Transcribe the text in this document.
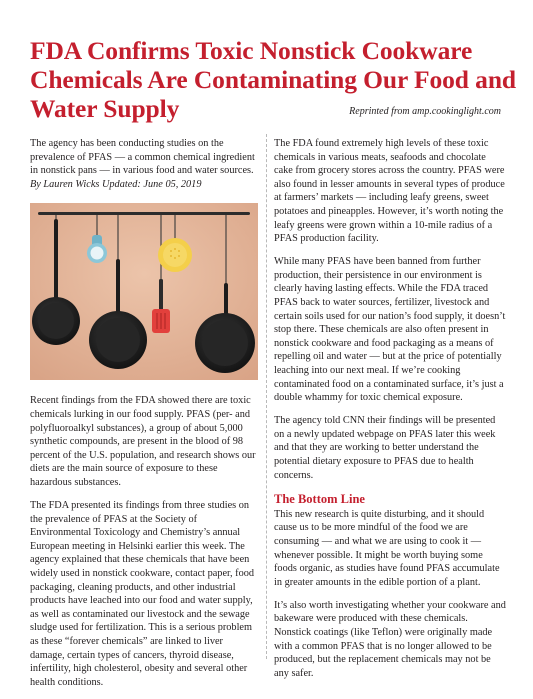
FDA Confirms Toxic Nonstick Cookware Chemicals Are Contaminating Our Food and Water Supply	Reprinted from amp.cookinglight.com

The agency has been conducting studies on the prevalence of PFAS — a common chemical ingredient in nonstick pans — in various food and water sources.
By Lauren Wicks Updated: June 05, 2019

Recent findings from the FDA showed there are toxic chemicals lurking in our food supply. PFAS (per- and polyfluoroalkyl substances), a group of about 5,000 synthetic compounds, are present in the blood of 98 percent of the U.S. population, and research shows our diets are the main source of exposure to these hazardous substances.

The FDA presented its findings from three studies on the prevalence of PFAS at the Society of Environmental Toxicology and Chemistry’s annual European meeting in Helsinki earlier this week. The agency explained that these chemicals that have been widely used in nonstick cookware, contact paper, food packaging, cleaning products, and other industrial products have leached into our food and water supply, as well as contaminated our livestock and the sewage sludge used for fertilization. This is a serious problem as these “forever chemicals” are linked to liver damage, certain types of cancers, thyroid disease, infertility, high cholesterol, obesity and several other health conditions.

The FDA found extremely high levels of these toxic chemicals in various meats, seafoods and chocolate cake from grocery stores across the country. PFAS were also found in lesser amounts in several types of produce at farmers’ markets — including leafy greens, sweet potatoes and pineapples. However, it’s worth noting the leafy greens were grown within a 10-mile radius of a PFAS production facility.

While many PFAS have been banned from further production, their persistence in our environment is clearly having lasting effects. While the FDA traced PFAS back to water sources, fertilizer, livestock and certain soils used for our nation’s food supply, it doesn’t stop there. These chemicals are also often present in nonstick cookware and food packaging as a means of repelling oil and water — but at the price of potentially leaching into our next meal. If we’re cooking contaminated food on a contaminated surface, it’s just a double whammy for toxic chemical exposure.

The agency told CNN their findings will be presented on a newly updated webpage on PFAS later this week and that they are working to better understand the potential dietary exposure to PFAS due to health concerns.

The Bottom Line

This new research is quite disturbing, and it should cause us to be more mindful of the food we are consuming — and what we are using to cook it — whenever possible. It might be worth buying some foods organic, as studies have found PFAS accumulate in greater amounts in the edible portion of a plant.

It’s also worth investigating whether your cookware and bakeware were produced with these chemicals. Nonstick coatings (like Teflon) were originally made with a common PFAS that is no longer allowed to be produced, but the replacement chemicals may not be any safer.
